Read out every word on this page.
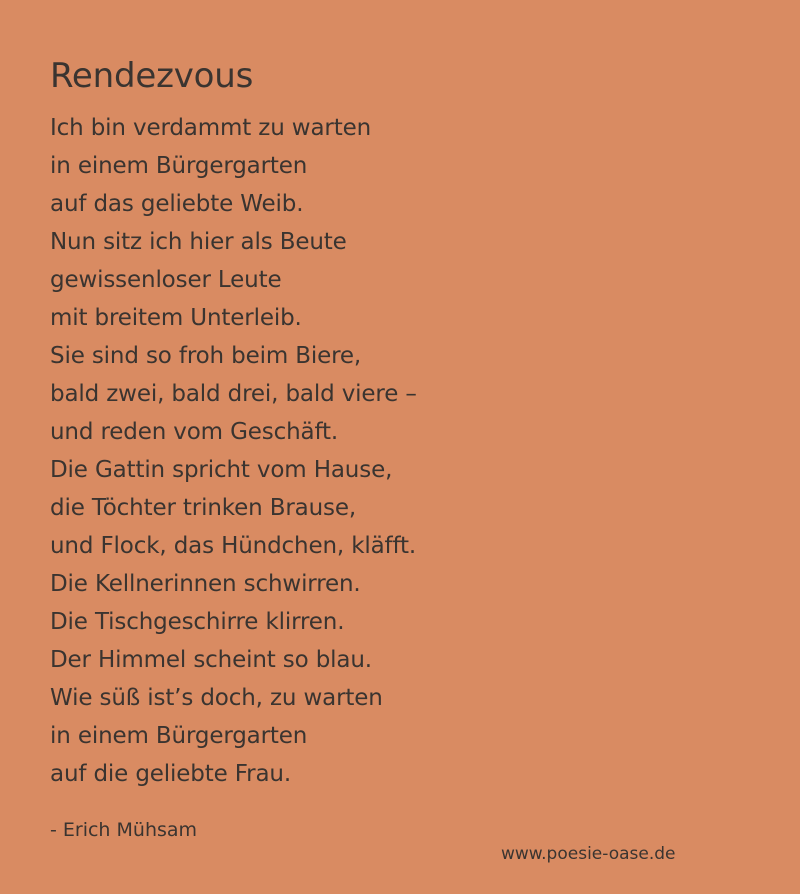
Rendezvous
Ich bin verdammt zu warten
in einem Bürgergarten
auf das geliebte Weib.
Nun sitz ich hier als Beute
gewissenloser Leute
mit breitem Unterleib.
Sie sind so froh beim Biere,
bald zwei, bald drei, bald viere –
und reden vom Geschäft.
Die Gattin spricht vom Hause,
die Töchter trinken Brause,
und Flock, das Hündchen, kläfft.
Die Kellnerinnen schwirren.
Die Tischgeschirre klirren.
Der Himmel scheint so blau.
Wie süß ist’s doch, zu warten
in einem Bürgergarten
auf die geliebte Frau.
- Erich Mühsam
www.poesie-oase.de
